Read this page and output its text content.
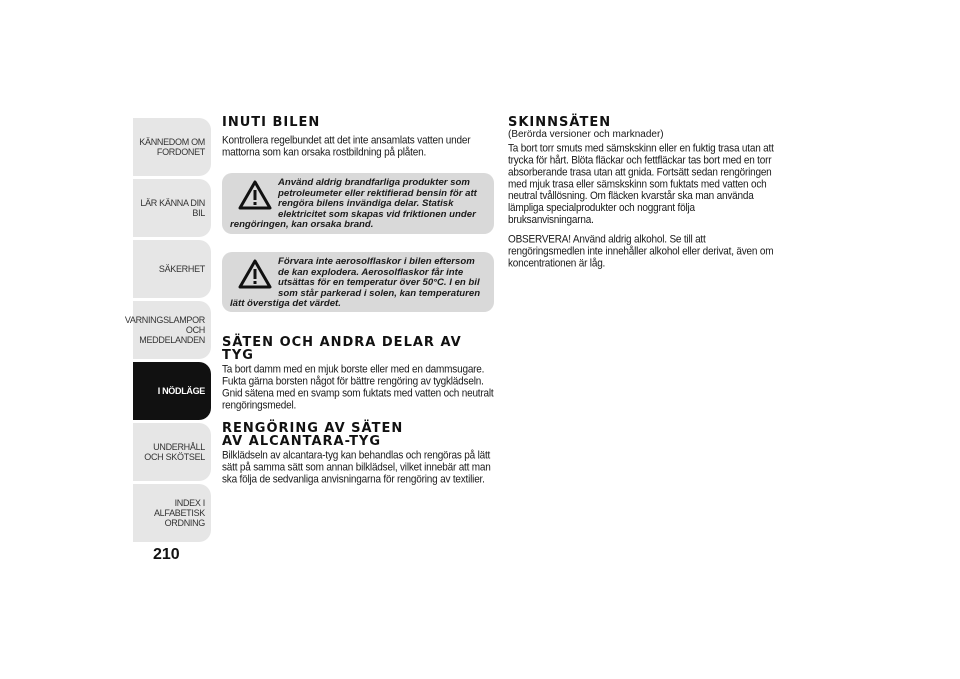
KÄNNEDOM OM FORDONET
LÄR KÄNNA DIN BIL
SÄKERHET
VARNINGSLAMPOR OCH MEDDELANDEN
I NÖDLÄGE
UNDERHÅLL OCH SKÖTSEL
INDEX I ALFABETISK ORDNING
210
INUTI BILEN

Kontrollera regelbundet att det inte ansamlats vatten under mattorna som kan orsaka rostbildning på plåten.

Använd aldrig brandfarliga produkter som petroleumeter eller rektifierad bensin för att rengöra bilens invändiga delar. Statisk elektricitet som skapas vid friktionen under rengöringen, kan orsaka brand.
Förvara inte aerosolflaskor i bilen eftersom de kan explodera. Aerosolflaskor får inte utsättas för en temperatur över 50°C. I en bil som står parkerad i solen, kan temperaturen lätt överstiga det värdet.
SÄTEN OCH ANDRA DELAR AV TYG

Ta bort damm med en mjuk borste eller med en dammsugare. Fukta gärna borsten något för bättre rengöring av tygklädseln. Gnid sätena med en svamp som fuktats med vatten och neutralt rengöringsmedel.

RENGÖRING AV SÄTEN AV ALCANTARA-TYG

Bilklädseln av alcantara-tyg kan behandlas och rengöras på lätt sätt på samma sätt som annan bilklädsel, vilket innebär att man ska följa de sedvanliga anvisningarna för rengöring av textilier.

SKINNSÄTEN
(Berörda versioner och marknader)

Ta bort torr smuts med sämskskinn eller en fuktig trasa utan att trycka för hårt. Blöta fläckar och fettfläckar tas bort med en torr absorberande trasa utan att gnida. Fortsätt sedan rengöringen med mjuk trasa eller sämskskinn som fuktats med vatten och neutral tvållösning. Om fläcken kvarstår ska man använda lämpliga specialprodukter och noggrant följa bruksanvisningarna.

OBSERVERA! Använd aldrig alkohol. Se till att rengöringsmedlen inte innehåller alkohol eller derivat, även om koncentrationen är låg.
